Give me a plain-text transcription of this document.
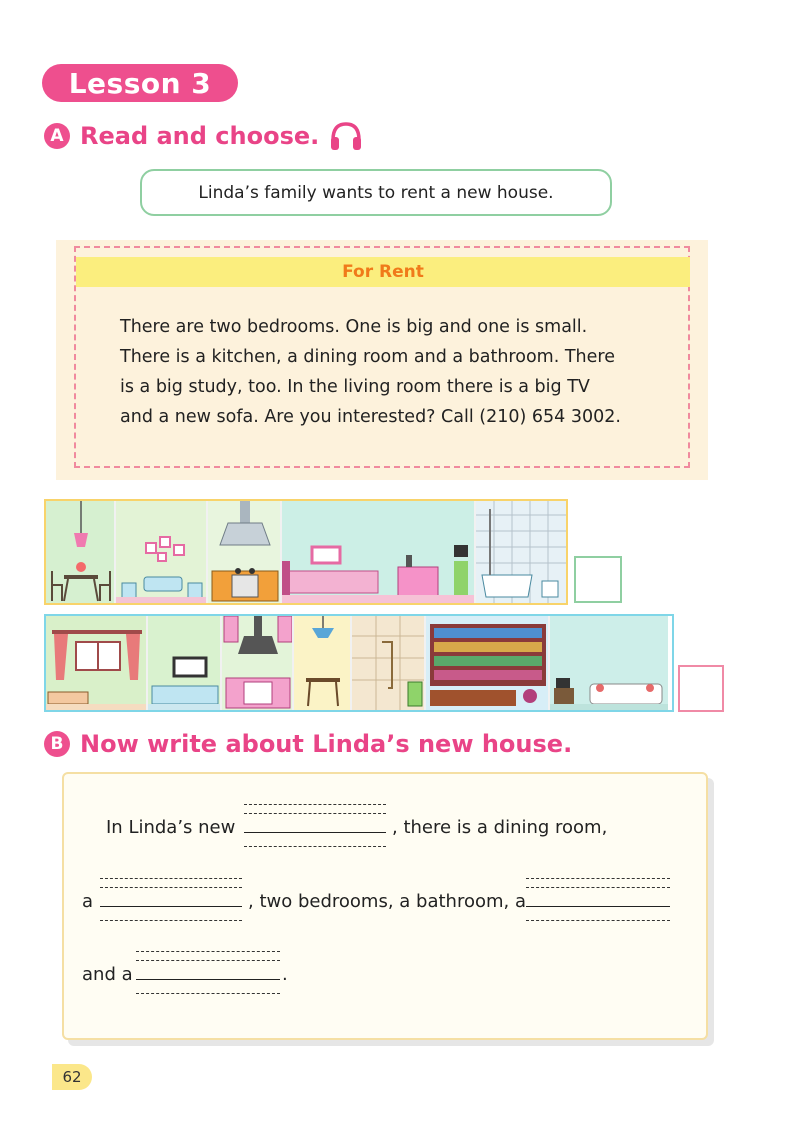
Lesson 3
A Read and choose.
Linda’s family wants to rent a new house.
For Rent
There are two bedrooms. One is big and one is small.
There is a kitchen, a dining room and a bathroom. There
is a big study, too. In the living room there is a big TV
and a new sofa. Are you interested? Call (210) 654 3002.
B Now write about Linda’s new house.
In Linda’s new	, there is a dining room,
a	, two bedrooms, a bathroom, a
and a	.
62
